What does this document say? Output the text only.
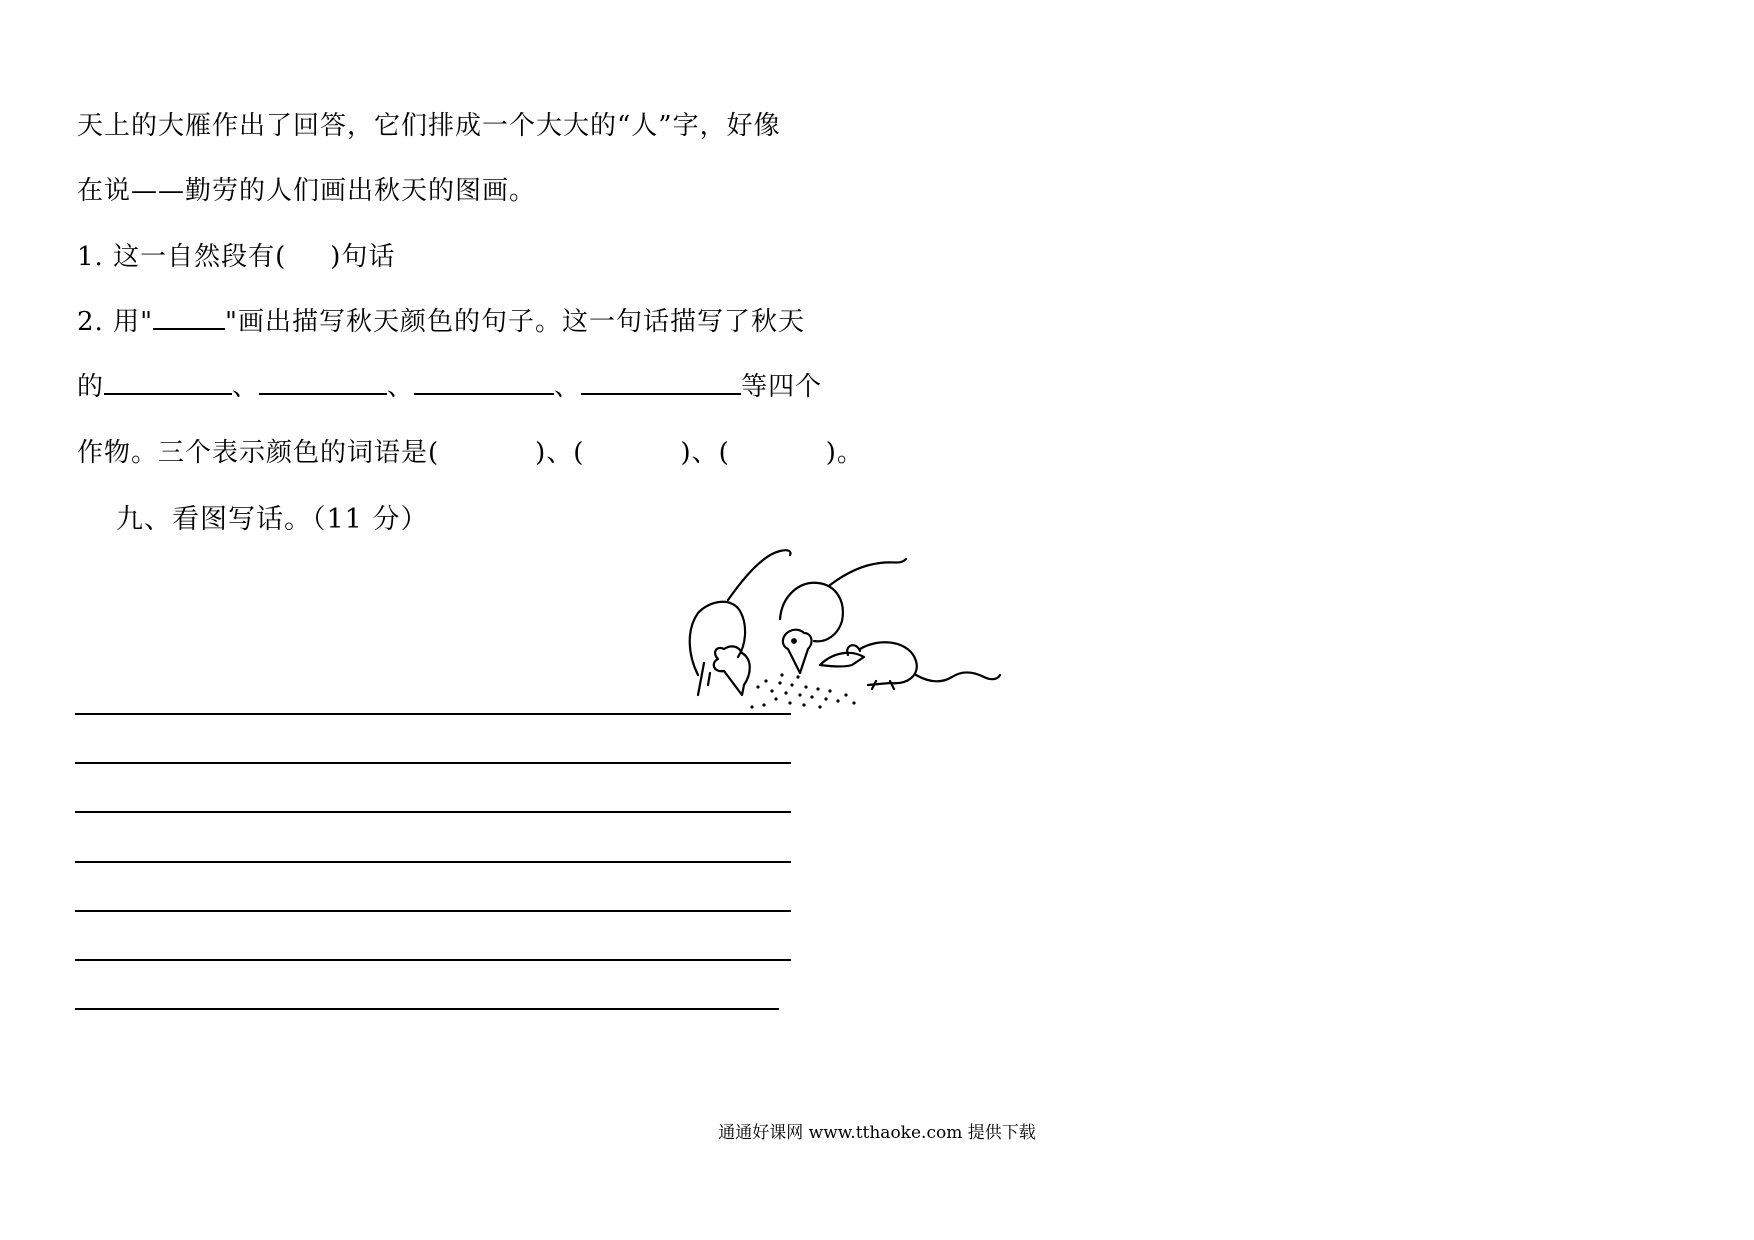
天上的大雁作出了回答，它们排成一个大大的“人”字，好像
在说——勤劳的人们画出秋天的图画。
1. 这一自然段有( )句话
2. 用"	"画出描写秋天颜色的句子。这一句话描写了秋天
的	、	、	、	等四个
作物。三个表示颜色的词语是(	)、(	)、(	)。
九、看图写话。（11 分）
通通好课网 www.tthaoke.com 提供下载
